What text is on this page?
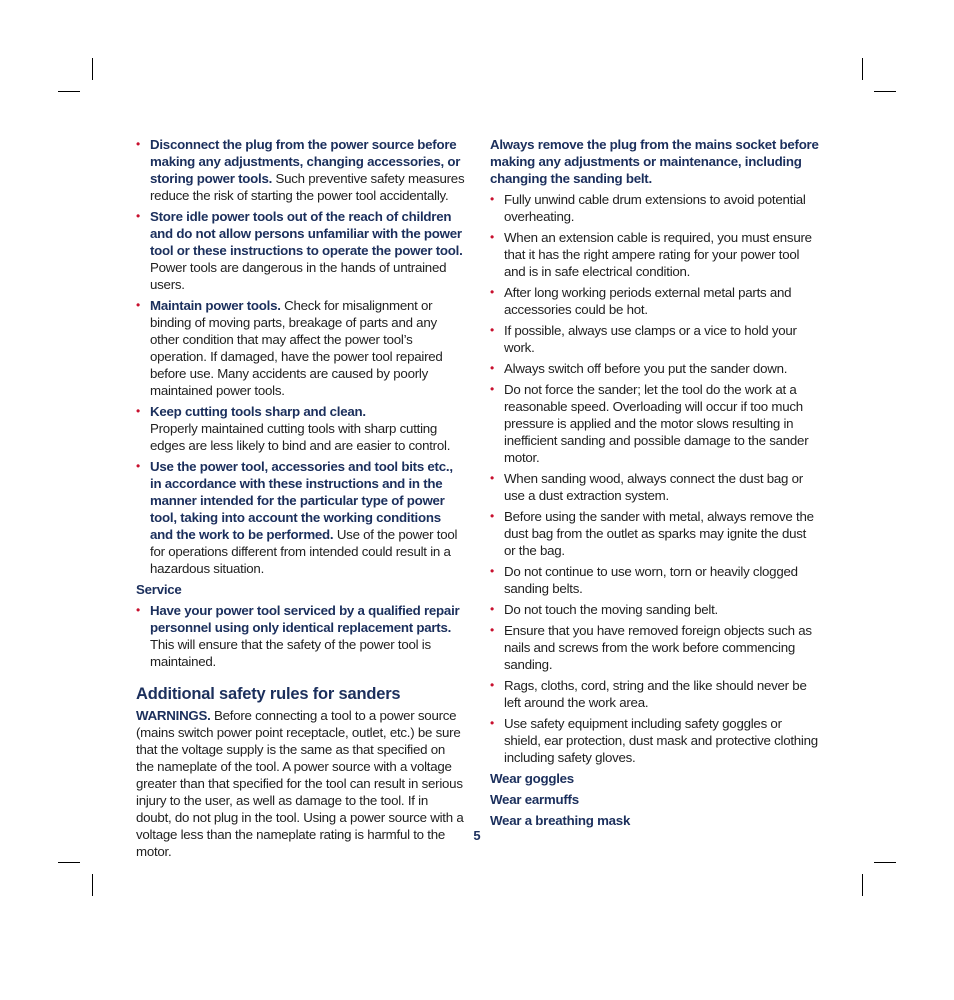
• Disconnect the plug from the power source before making any adjustments, changing accessories, or storing power tools. Such preventive safety measures reduce the risk of starting the power tool accidentally.
• Store idle power tools out of the reach of children and do not allow persons unfamiliar with the power tool or these instructions to operate the power tool. Power tools are dangerous in the hands of untrained users.
• Maintain power tools. Check for misalignment or binding of moving parts, breakage of parts and any other condition that may affect the power tool’s operation. If damaged, have the power tool repaired before use. Many accidents are caused by poorly maintained power tools.
• Keep cutting tools sharp and clean.
Properly maintained cutting tools with sharp cutting edges are less likely to bind and are easier to control.
• Use the power tool, accessories and tool bits etc., in accordance with these instructions and in the manner intended for the particular type of power tool, taking into account the working conditions and the work to be performed. Use of the power tool for operations different from intended could result in a hazardous situation.
Service
• Have your power tool serviced by a qualified repair personnel using only identical replacement parts.
This will ensure that the safety of the power tool is maintained.
Additional safety rules for sanders

WARNINGS. Before connecting a tool to a power source (mains switch power point receptacle, outlet, etc.) be sure that the voltage supply is the same as that specified on the nameplate of the tool. A power source with a voltage greater than that specified for the tool can result in serious injury to the user, as well as damage to the tool. If in doubt, do not plug in the tool. Using a power source with a voltage less than the nameplate rating is harmful to the motor.

Always remove the plug from the mains socket before making any adjustments or maintenance, including changing the sanding belt.

• Fully unwind cable drum extensions to avoid potential overheating.
• When an extension cable is required, you must ensure that it has the right ampere rating for your power tool and is in safe electrical condition.
• After long working periods external metal parts and accessories could be hot.
• If possible, always use clamps or a vice to hold your work.
• Always switch off before you put the sander down.
• Do not force the sander; let the tool do the work at a reasonable speed. Overloading will occur if too much pressure is applied and the motor slows resulting in inefficient sanding and possible damage to the sander motor.
• When sanding wood, always connect the dust bag or use a dust extraction system.
• Before using the sander with metal, always remove the dust bag from the outlet as sparks may ignite the dust or the bag.
• Do not continue to use worn, torn or heavily clogged sanding belts.
• Do not touch the moving sanding belt.
• Ensure that you have removed foreign objects such as nails and screws from the work before commencing sanding.
• Rags, cloths, cord, string and the like should never be left around the work area.
• Use safety equipment including safety goggles or shield, ear protection, dust mask and protective clothing including safety gloves.
Wear goggles
Wear earmuffs
Wear a breathing mask
5
